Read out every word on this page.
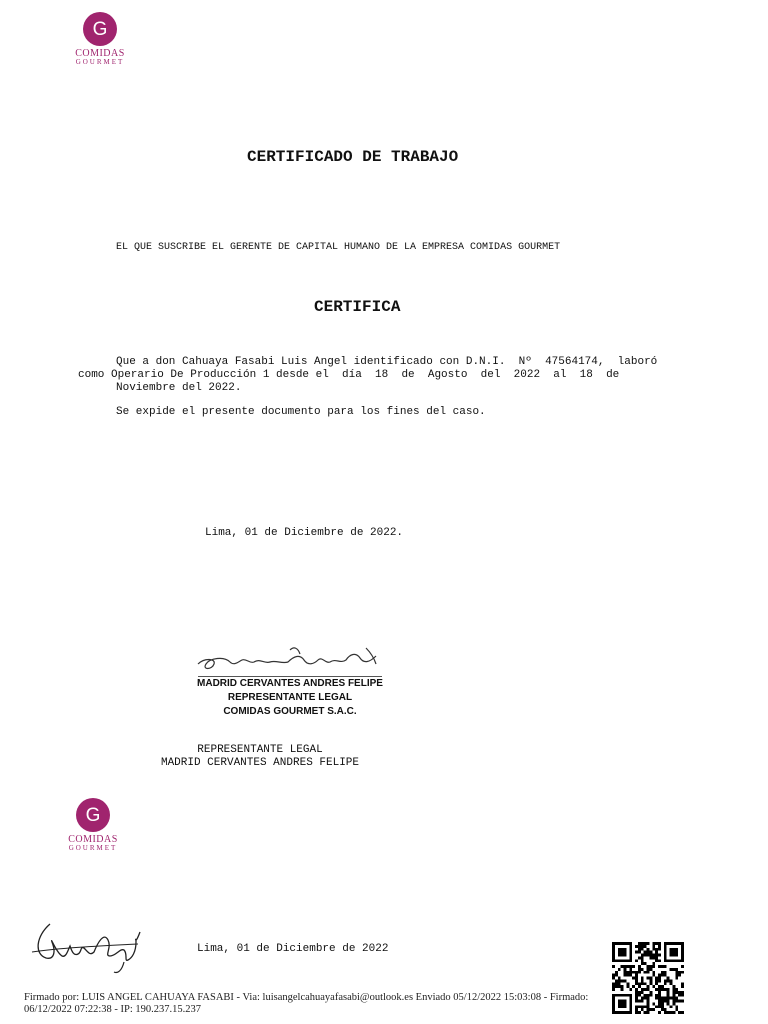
G
COMIDAS
GOURMET
CERTIFICADO DE TRABAJO
EL QUE SUSCRIBE EL GERENTE DE CAPITAL HUMANO DE LA EMPRESA COMIDAS GOURMET
CERTIFICA
Que a don Cahuaya Fasabi Luis Angel identificado con D.N.I.  Nº  47564174,  laboró
como Operario De Producción 1 desde el  día  18  de  Agosto  del  2022  al  18  de
Noviembre del 2022.
Se expide el presente documento para los fines del caso.
Lima, 01 de Diciembre de 2022.
MADRID CERVANTES ANDRES FELIPE
REPRESENTANTE LEGAL
COMIDAS GOURMET S.A.C.
REPRESENTANTE LEGAL
MADRID CERVANTES ANDRES FELIPE
G
COMIDAS
GOURMET
Lima, 01 de Diciembre de 2022
Firmado por: LUIS ANGEL CAHUAYA FASABI - Via: luisangelcahuayafasabi@outlook.es Enviado 05/12/2022 15:03:08 - Firmado:
06/12/2022 07:22:38 - IP: 190.237.15.237
